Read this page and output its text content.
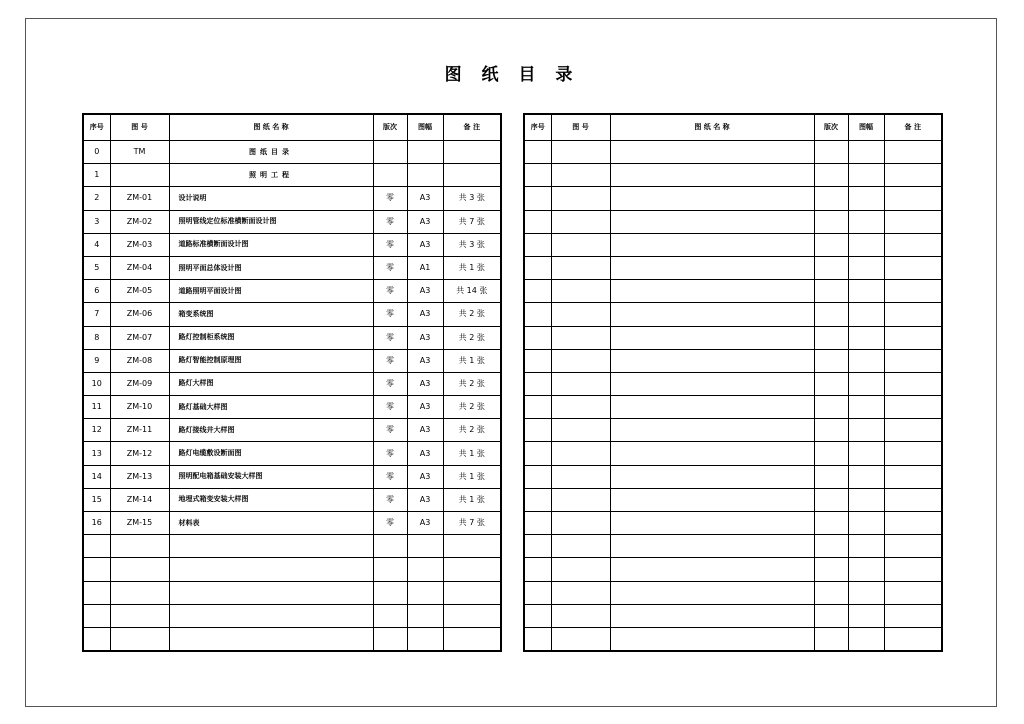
图 纸 目 录
序号	图 号	图 纸 名 称	版次	图幅	备 注
0	TM	图纸目录			
1		照明工程			
2	ZM-01	设计说明	零	A3	共 3 张
3	ZM-02	照明管线定位标准横断面设计图	零	A3	共 7 张
4	ZM-03	道路标准横断面设计图	零	A3	共 3 张
5	ZM-04	照明平面总体设计图	零	A1	共 1 张
6	ZM-05	道路照明平面设计图	零	A3	共 14 张
7	ZM-06	箱变系统图	零	A3	共 2 张
8	ZM-07	路灯控制柜系统图	零	A3	共 2 张
9	ZM-08	路灯智能控制原理图	零	A3	共 1 张
10	ZM-09	路灯大样图	零	A3	共 2 张
11	ZM-10	路灯基础大样图	零	A3	共 2 张
12	ZM-11	路灯接线井大样图	零	A3	共 2 张
13	ZM-12	路灯电缆敷设断面图	零	A3	共 1 张
14	ZM-13	照明配电箱基础安装大样图	零	A3	共 1 张
15	ZM-14	地埋式箱变安装大样图	零	A3	共 1 张
16	ZM-15	材料表	零	A3	共 7 张

序号	图 号	图 纸 名 称	版次	图幅	备 注
